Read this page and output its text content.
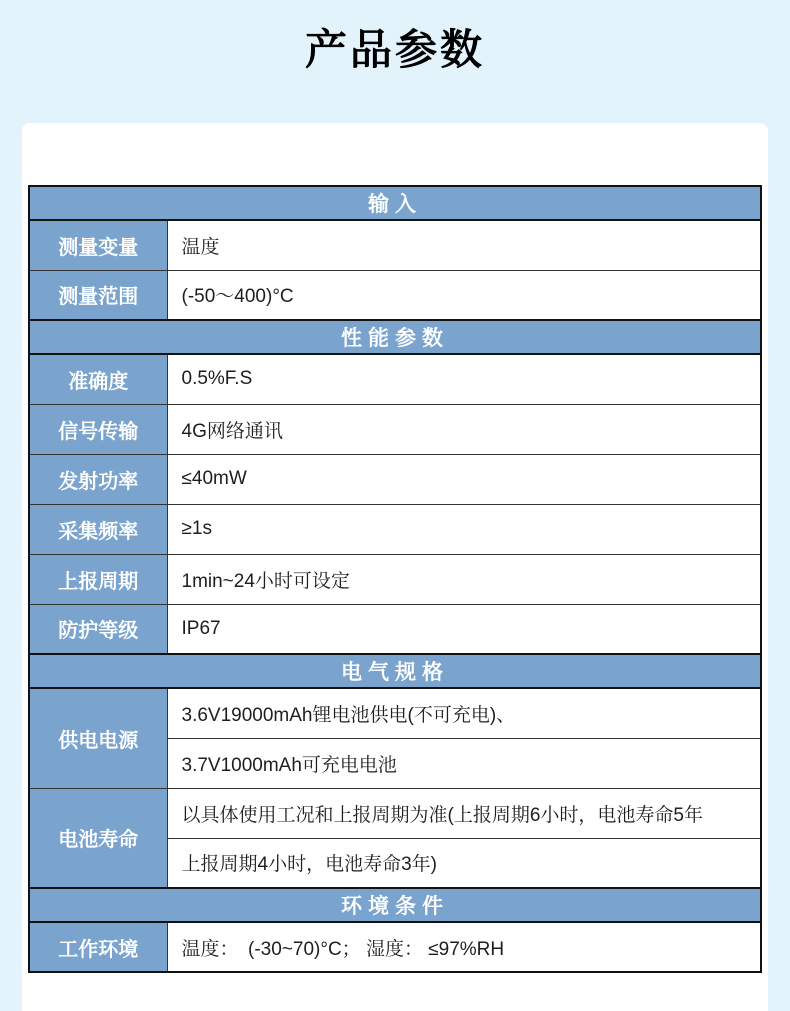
产品参数
输入	
测量变量	温度
测量范围	(-50～400)°C
性能参数	
准确度	0.5%F.S
信号传输	4G网络通讯
发射功率	≤40mW
采集频率	≥1s
上报周期	1min~24小时可设定
防护等级	IP67
电气规格	
供电电源	3.6V19000mAh锂电池供电(不可充电)、
	3.7V1000mAh可充电电池
电池寿命	以具体使用工况和上报周期为准(上报周期6小时，电池寿命5年
	上报周期4小时，电池寿命3年)
环境条件	
工作环境	温度：　(-30~70)°C； 湿度： ≤97%RH
